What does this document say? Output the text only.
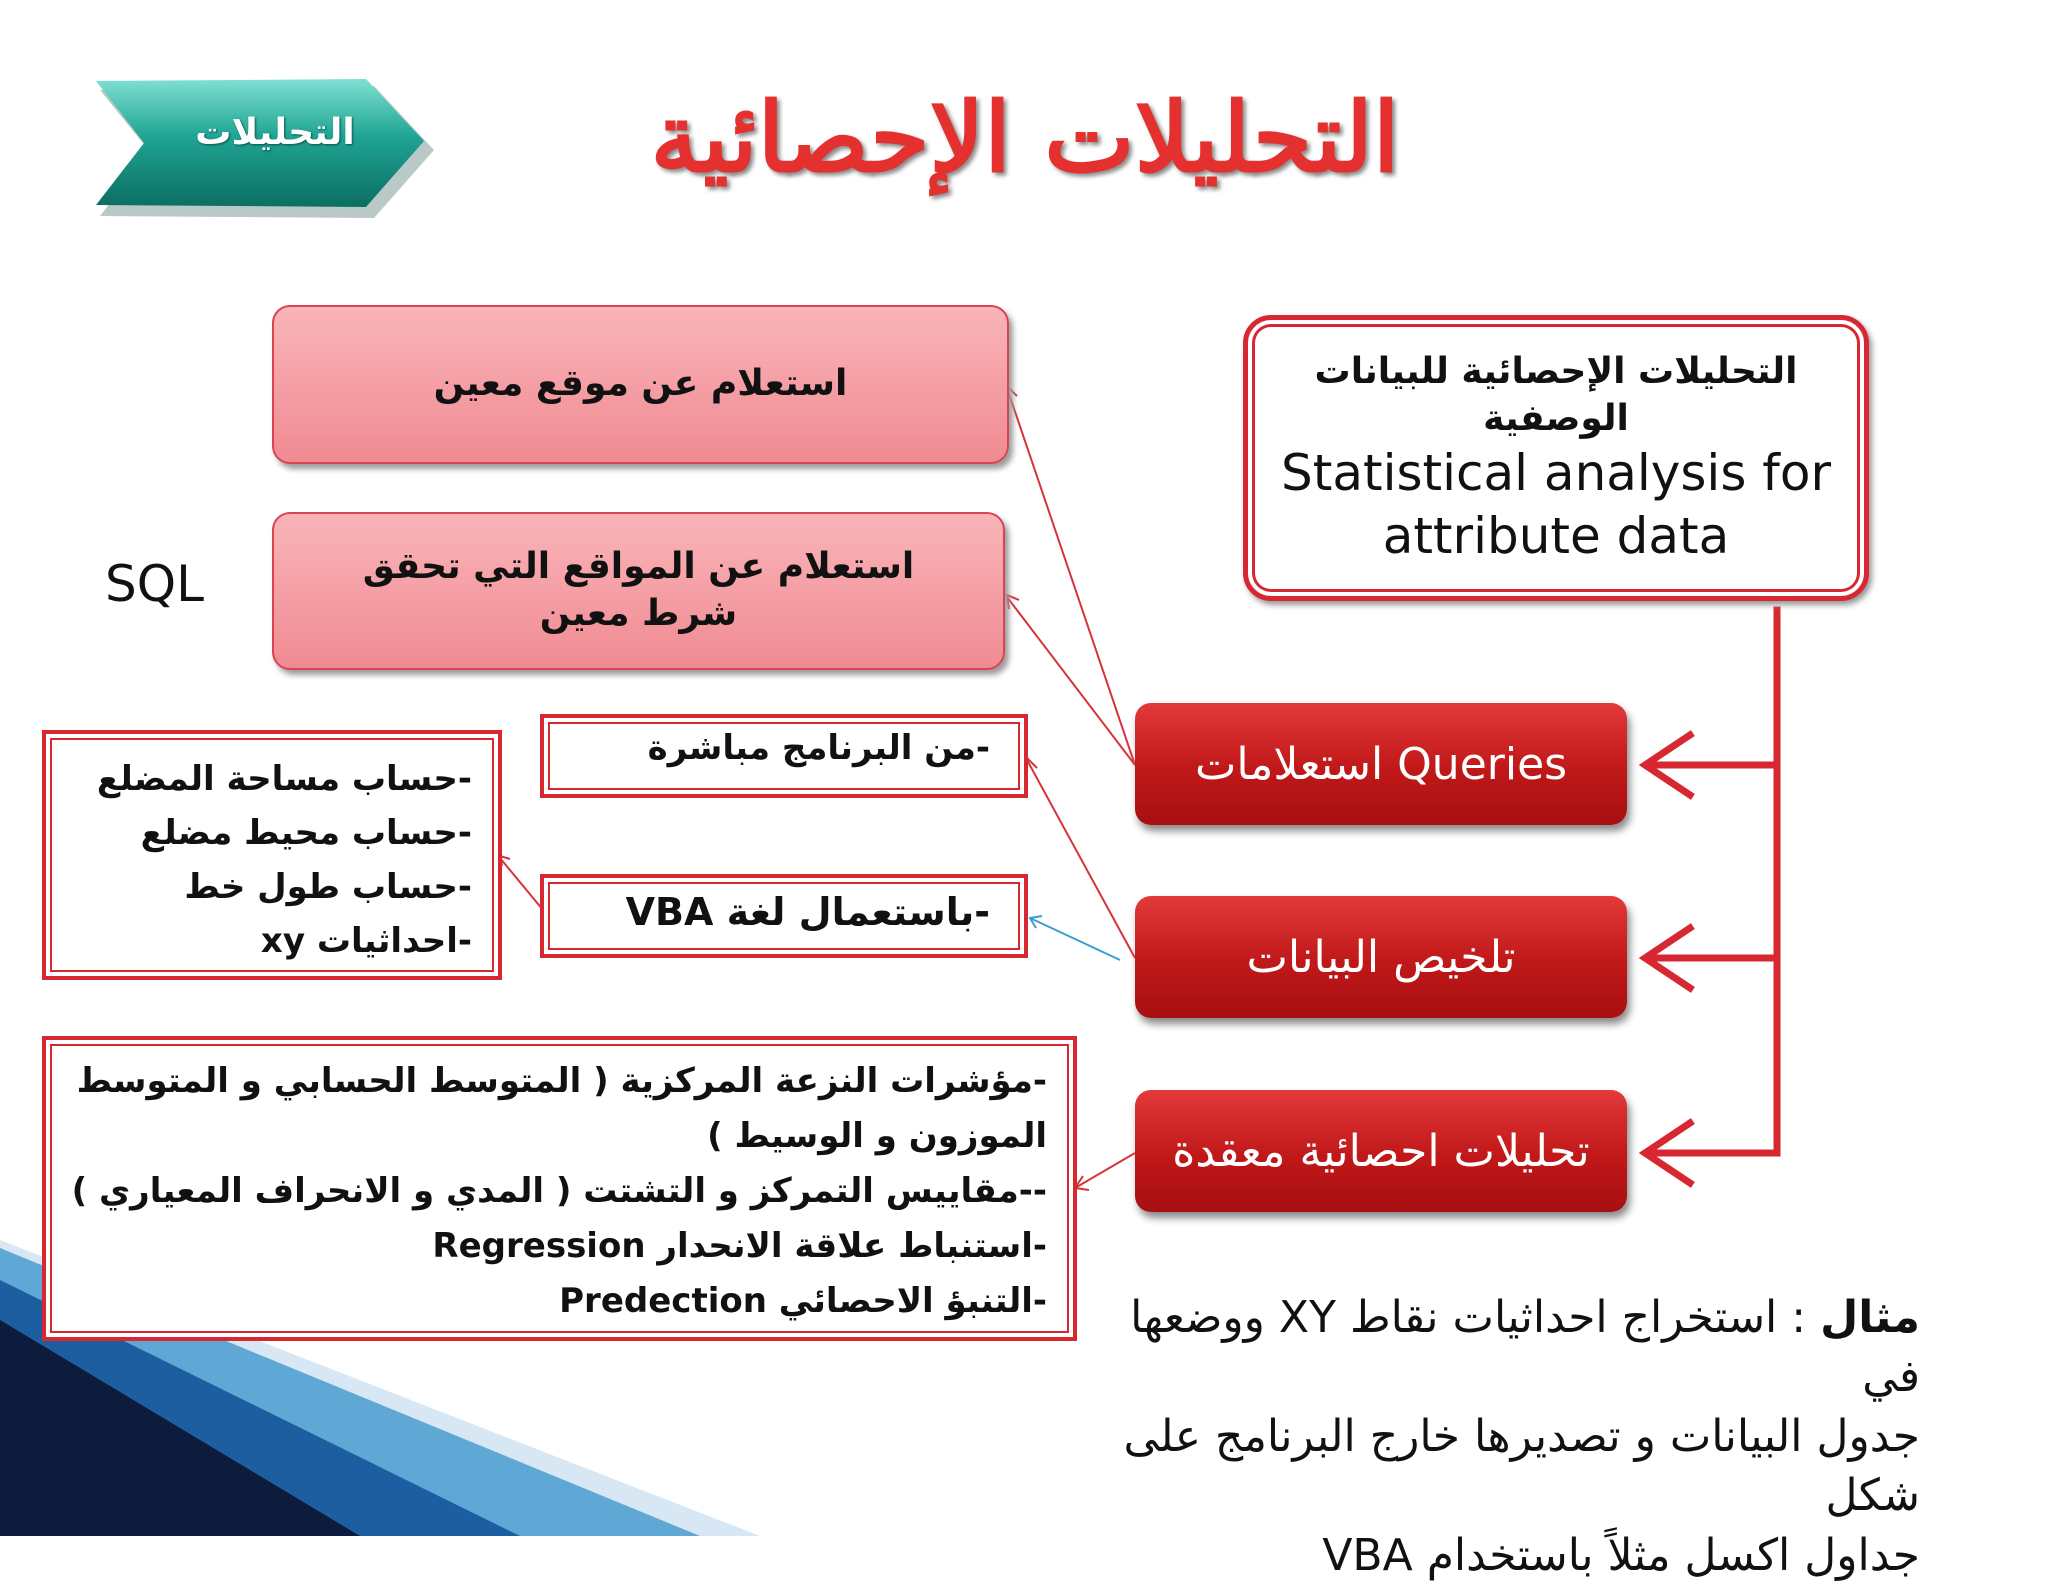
التحليلات	التحليلات الإحصائية
التحليلات الإحصائية للبيانات الوصفية
Statistical analysis for
attribute data
Queries استعلامات
تلخيص البيانات
تحليلات احصائية معقدة
استعلام عن موقع معين
استعلام عن المواقع التي تحقق شرط معين
SQL
-من البرنامج مباشرة
-باستعمال لغة VBA
-حساب مساحة المضلع
-حساب محيط مضلع
-حساب طول خط
-احداثيات xy
-مؤشرات النزعة المركزية ( المتوسط الحسابي و المتوسط
الموزون و الوسيط )
--مقاييس التمركز و التشتت ( المدي و الانحراف المعياري )
-استنباط علاقة الانحدار Regression
-التنبؤ الاحصائي Predection	مثال : استخراج احداثيات نقاط XY ووضعها في
جدول البيانات و تصديرها خارج البرنامج على شكل
جداول اكسل مثلاً باستخدام VBA
